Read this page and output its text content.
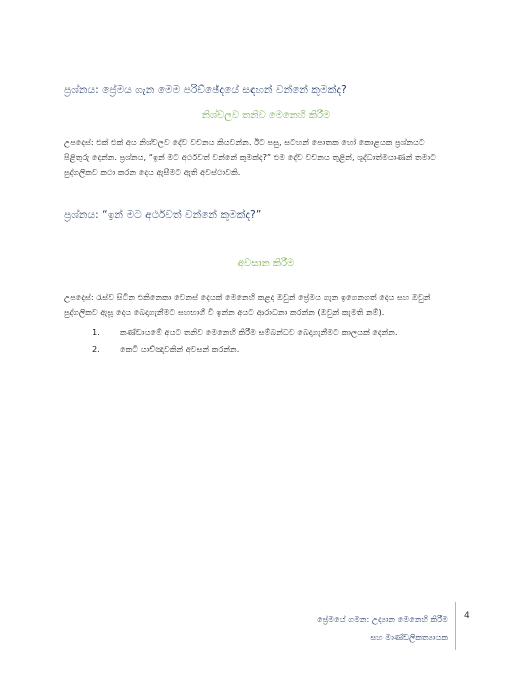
ප්‍රශ්නය: ප්‍රේමය ගැන මෙම පරිච්ඡේදයේ සඳහන් වන්නේ කුමක්ද?
නිශ්චලව තනිව මෙනෙහි කිරීම
උපදෙස්: එක් එක් අය නිශ්චලව දේව වචනය කියවන්න. ඊට පසු, සටහන් පොතක හෝ කොළයක ප්‍රශ්නයට
පිළිතුරු දෙන්න. ප්‍රශ්නය, “ඉන් මට අර්ථවත් වන්නේ කුමක්ද?” එම දේව වචනය තුළින්, ශුද්ධාත්මයාණන් තමාට
පුද්ගලිකව කථා කරන දෙය ඇසීමට ඇති අවස්ථාවකි.
ප්‍රශ්නය: “ඉන් මට අර්ථවත් වන්නේ කුමක්ද?”
අවසාන කිරීම
උපදෙස්: රැස්ව සිටින එකිනෙකා වෙනස් දෙයක් මෙනෙහි කළද ඔවුන් ප්‍රේමය ගැන ඉගෙනගත් දෙය සහ ඔවුන්
පුද්ගලිකව ඇසූ දෙය බෙදාගැනීමට සහභාගී වී ඉන්න අයට ආරාධනා කරන්න (ඔවුන් කැමති නම්).
1.	කණ්ඩායමේ අයට තනිව මෙනෙහි කිරීම සම්බන්ධව බෙදාගැනීමට කාලයක් දෙන්න.
2.	කෙටි යාච්ඤාවකින් අවසන් කරන්න.
ප්‍රේමයේ ගමන: උද්‍යාන මෙනෙහි කිරීම
සහ මාණ්ඩලිකත්‍යායක
4
